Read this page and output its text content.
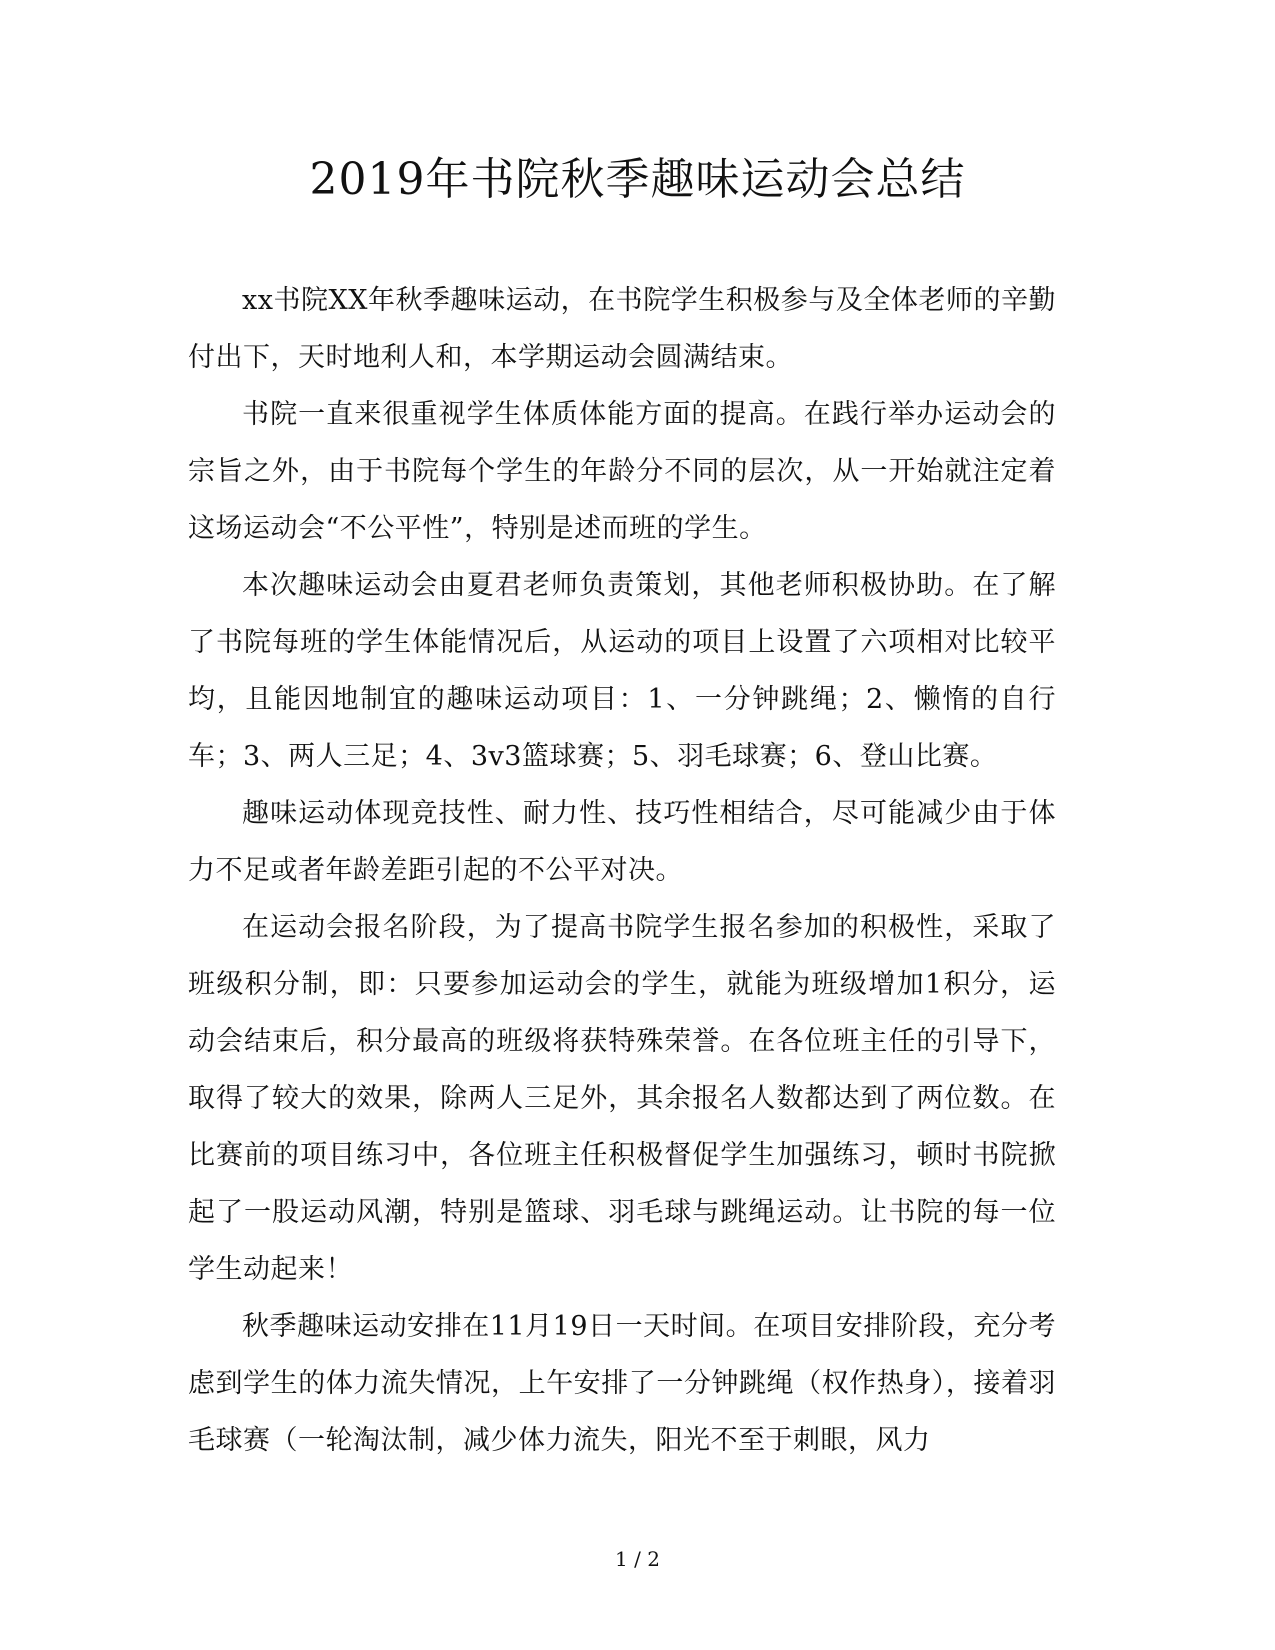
2019年书院秋季趣味运动会总结

xx书院XX年秋季趣味运动，在书院学生积极参与及全体老师的辛勤付出下，天时地利人和，本学期运动会圆满结束。

书院一直来很重视学生体质体能方面的提高。在践行举办运动会的宗旨之外，由于书院每个学生的年龄分不同的层次，从一开始就注定着这场运动会“不公平性”，特别是述而班的学生。

本次趣味运动会由夏君老师负责策划，其他老师积极协助。在了解了书院每班的学生体能情况后，从运动的项目上设置了六项相对比较平均，且能因地制宜的趣味运动项目：1、一分钟跳绳；2、懒惰的自行车；3、两人三足；4、3v3篮球赛；5、羽毛球赛；6、登山比赛。

趣味运动体现竞技性、耐力性、技巧性相结合，尽可能减少由于体力不足或者年龄差距引起的不公平对决。

在运动会报名阶段，为了提高书院学生报名参加的积极性，采取了班级积分制，即：只要参加运动会的学生，就能为班级增加1积分，运动会结束后，积分最高的班级将获特殊荣誉。在各位班主任的引导下，取得了较大的效果，除两人三足外，其余报名人数都达到了两位数。在比赛前的项目练习中，各位班主任积极督促学生加强练习，顿时书院掀起了一股运动风潮，特别是篮球、羽毛球与跳绳运动。让书院的每一位学生动起来！

秋季趣味运动安排在11月19日一天时间。在项目安排阶段，充分考虑到学生的体力流失情况，上午安排了一分钟跳绳（权作热身），接着羽毛球赛（一轮淘汰制，减少体力流失，阳光不至于刺眼，风力

1 / 2
